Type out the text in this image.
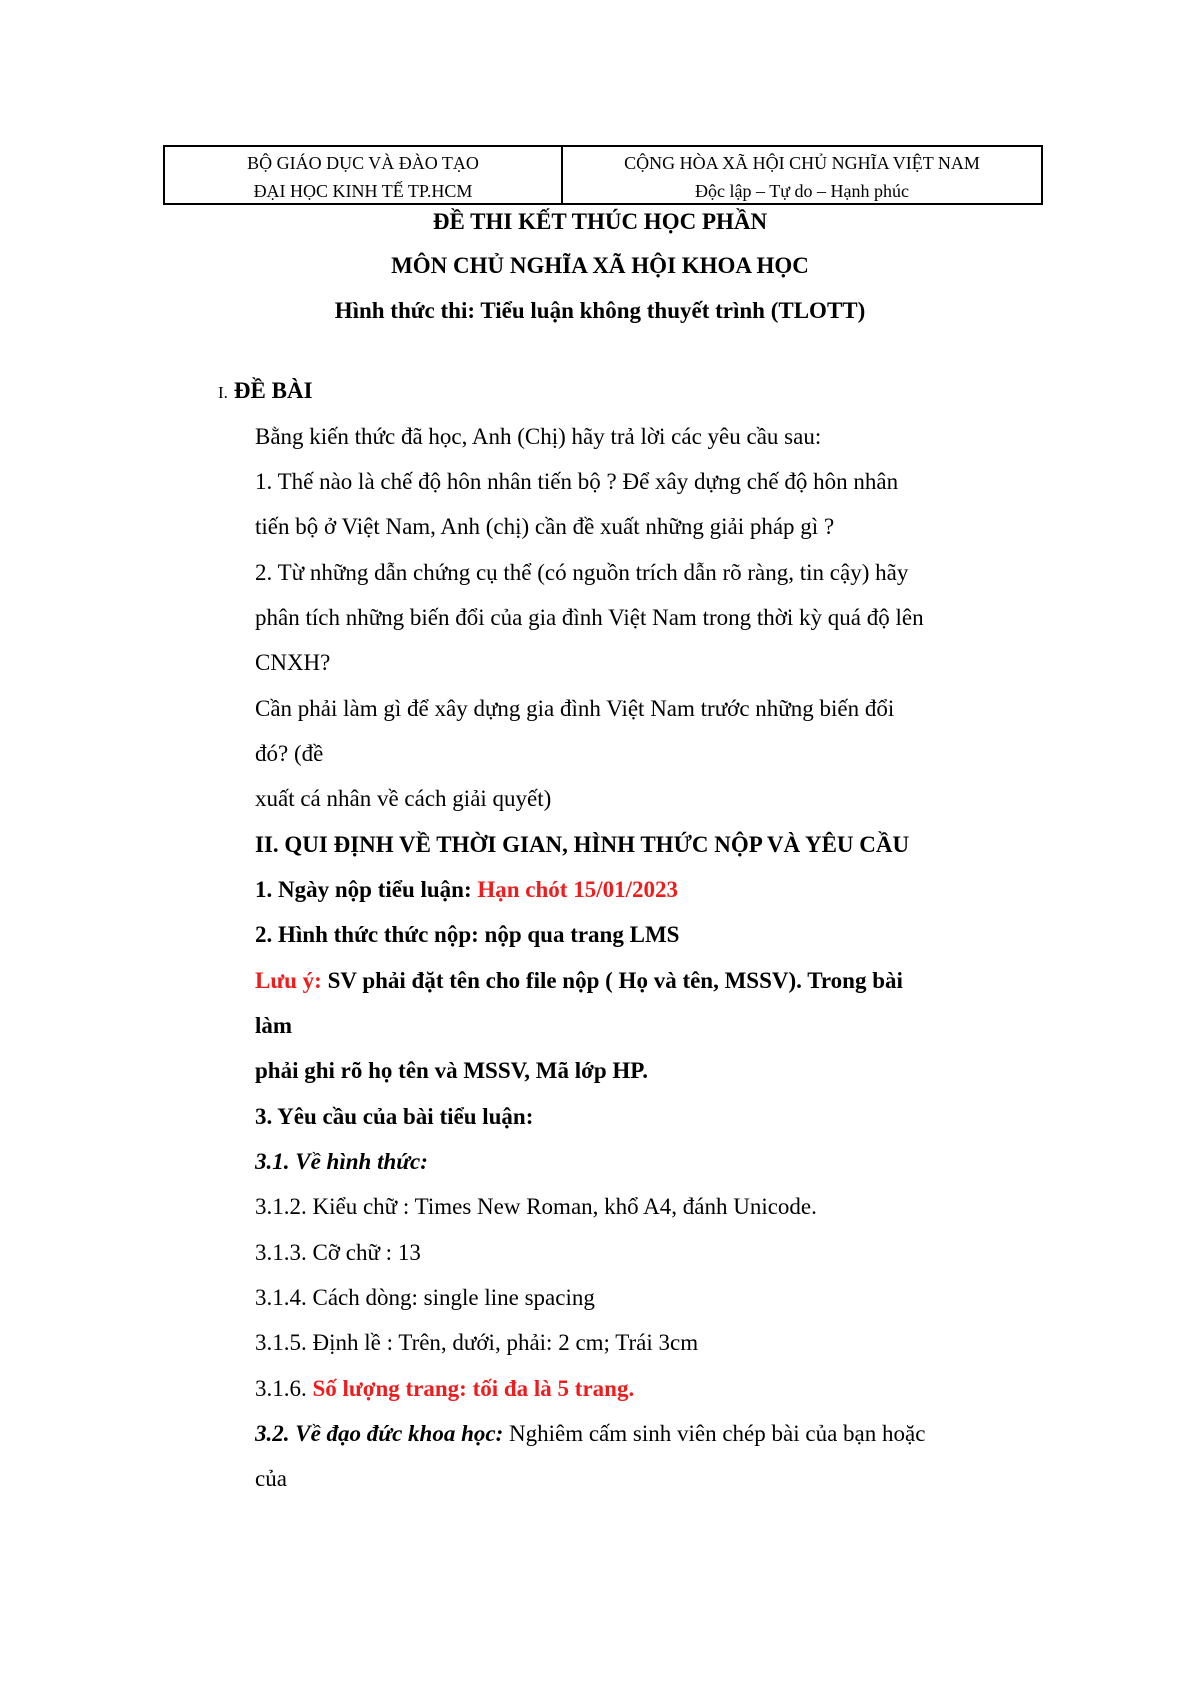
BỘ GIÁO DỤC VÀ ĐÀO TẠO
ĐẠI HỌC KINH TẾ TP.HCM
CỘNG HÒA XÃ HỘI CHỦ NGHĨA VIỆT NAM
Độc lập – Tự do – Hạnh phúc
ĐỀ THI KẾT THÚC HỌC PHẦN
MÔN CHỦ NGHĨA XÃ HỘI KHOA HỌC
Hình thức thi: Tiểu luận không thuyết trình (TLOTT)
I. ĐỀ BÀI
Bằng kiến thức đã học, Anh (Chị) hãy trả lời các yêu cầu sau:
1. Thế nào là chế độ hôn nhân tiến bộ ? Để xây dựng chế độ hôn nhân
tiến bộ ở Việt Nam, Anh (chị) cần đề xuất những giải pháp gì ?
2. Từ những dẫn chứng cụ thể (có nguồn trích dẫn rõ ràng, tin cậy) hãy
phân tích những biến đổi của gia đình Việt Nam trong thời kỳ quá độ lên
CNXH?
Cần phải làm gì để xây dựng gia đình Việt Nam trước những biến đổi
đó? (đề
xuất cá nhân về cách giải quyết)
II. QUI ĐỊNH VỀ THỜI GIAN, HÌNH THỨC NỘP VÀ YÊU CẦU
1. Ngày nộp tiểu luận: Hạn chót 15/01/2023
2. Hình thức thức nộp: nộp qua trang LMS
Lưu ý: SV phải đặt tên cho file nộp ( Họ và tên, MSSV). Trong bài
làm
phải ghi rõ họ tên và MSSV, Mã lớp HP.
3. Yêu cầu của bài tiểu luận:
3.1. Về hình thức:
3.1.2. Kiểu chữ : Times New Roman, khổ A4, đánh Unicode.
3.1.3. Cỡ chữ : 13
3.1.4. Cách dòng: single line spacing
3.1.5. Định lề : Trên, dưới, phải: 2 cm; Trái 3cm
3.1.6. Số lượng trang: tối đa là 5 trang.
3.2. Về đạo đức khoa học: Nghiêm cấm sinh viên chép bài của bạn hoặc
của
